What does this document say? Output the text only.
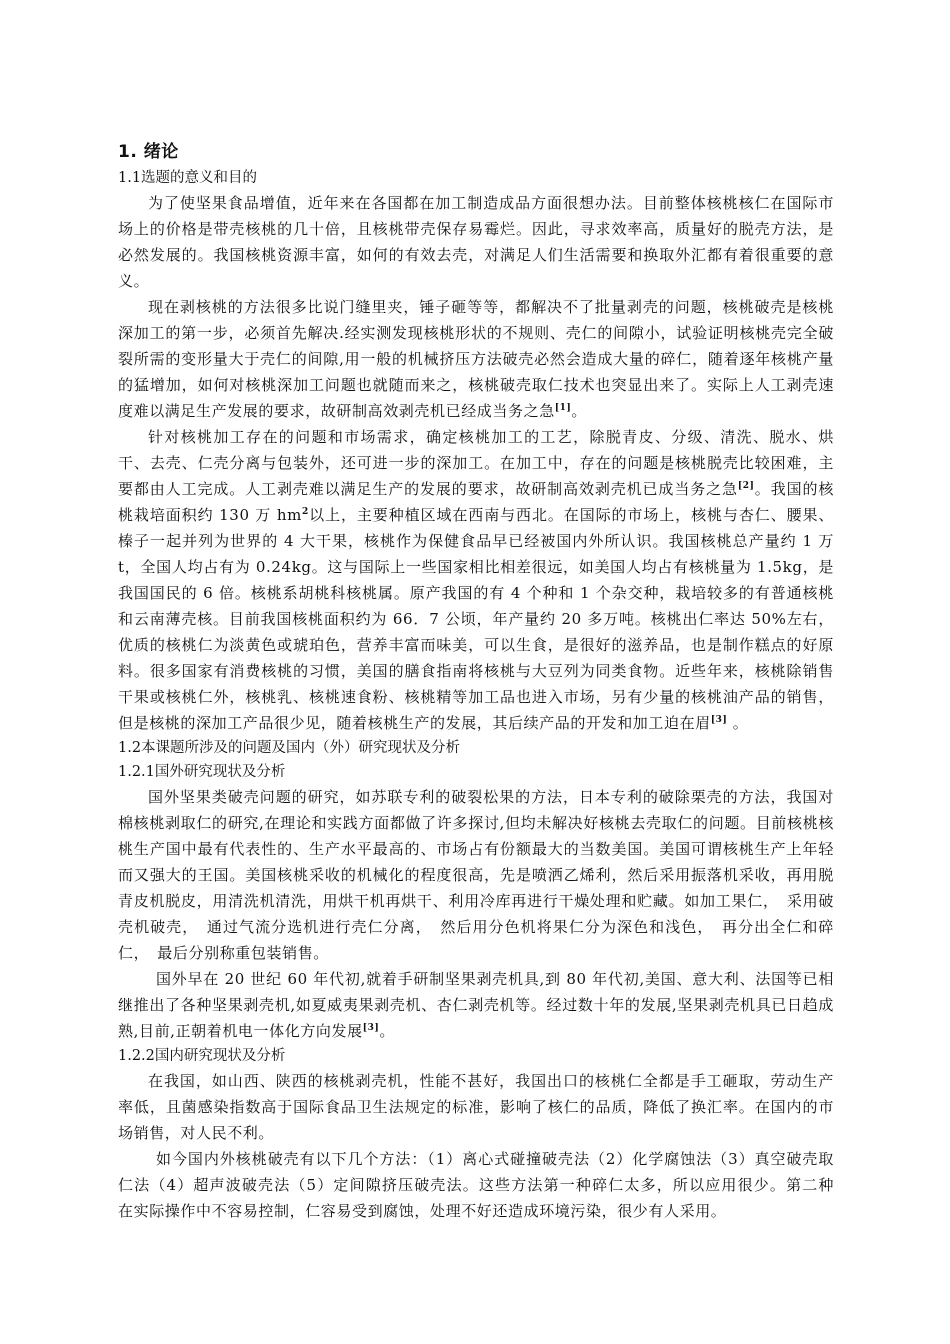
1. 绪论
1.1选题的意义和目的

为了使坚果食品增值，近年来在各国都在加工制造成品方面很想办法。目前整体核桃核仁在国际市场上的价格是带壳核桃的几十倍，且核桃带壳保存易霉烂。因此，寻求效率高，质量好的脱壳方法，是必然发展的。我国核桃资源丰富，如何的有效去壳，对满足人们生活需要和换取外汇都有着很重要的意义。

现在剥核桃的方法很多比说门缝里夹，锤子砸等等，都解决不了批量剥壳的问题，核桃破壳是核桃深加工的第一步，必须首先解决.经实测发现核桃形状的不规则、壳仁的间隙小，试验证明核桃壳完全破裂所需的变形量大于壳仁的间隙,用一般的机械挤压方法破壳必然会造成大量的碎仁，随着逐年核桃产量的猛增加，如何对核桃深加工问题也就随而来之，核桃破壳取仁技术也突显出来了。实际上人工剥壳速度难以满足生产发展的要求，故研制高效剥壳机已经成当务之急[1]。

针对核桃加工存在的问题和市场需求，确定核桃加工的工艺，除脱青皮、分级、清洗、脱水、烘干、去壳、仁壳分离与包装外，还可进一步的深加工。在加工中，存在的问题是核桃脱壳比较困难，主要都由人工完成。人工剥壳难以满足生产的发展的要求，故研制高效剥壳机已成当务之急[2]。我国的核桃栽培面积约 130 万 $hm^2$以上，主要种植区域在西南与西北。在国际的市场上，核桃与杏仁、腰果、榛子一起并列为世界的 4 大干果，核桃作为保健食品早已经被国内外所认识。我国核桃总产量约 1 万 t，全国人均占有为 0.24kg。这与国际上一些国家相比相差很远，如美国人均占有核桃量为 1.5kg，是我国国民的 6 倍。核桃系胡桃科核桃属。原产我国的有 4 个种和 1 个杂交种，栽培较多的有普通核桃和云南薄壳核。目前我国核桃面积约为 66．7 公顷，年产量约 20 多万吨。核桃出仁率达 50%左右，优质的核桃仁为淡黄色或琥珀色，营养丰富而味美，可以生食，是很好的滋养品，也是制作糕点的好原料。很多国家有消费核桃的习惯，美国的膳食指南将核桃与大豆列为同类食物。近些年来，核桃除销售干果或核桃仁外，核桃乳、核桃速食粉、核桃精等加工品也进入市场，另有少量的核桃油产品的销售，但是核桃的深加工产品很少见，随着核桃生产的发展，其后续产品的开发和加工迫在眉[3] 。

1.2本课题所涉及的问题及国内（外）研究现状及分析
1.2.1国外研究现状及分析

国外坚果类破壳问题的研究，如苏联专利的破裂松果的方法，日本专利的破除栗壳的方法，我国对棉核桃剥取仁的研究,在理论和实践方面都做了许多探讨,但均未解决好核桃去壳取仁的问题。目前核桃核桃生产国中最有代表性的、生产水平最高的、市场占有份额最大的当数美国。美国可谓核桃生产上年轻而又强大的王国。美国核桃采收的机械化的程度很高，先是喷洒乙烯利，然后采用振落机采收，再用脱青皮机脱皮，用清洗机清洗，用烘干机再烘干、利用冷库再进行干燥处理和贮藏。如加工果仁，　采用破壳机破壳，　通过气流分选机进行壳仁分离，　然后用分色机将果仁分为深色和浅色，　再分出全仁和碎仁，　最后分别称重包装销售。

国外早在 20 世纪 60 年代初,就着手研制坚果剥壳机具,到 80 年代初,美国、意大利、法国等已相继推出了各种坚果剥壳机,如夏威夷果剥壳机、杏仁剥壳机等。经过数十年的发展,坚果剥壳机具已日趋成熟,目前,正朝着机电一体化方向发展[3]。

1.2.2国内研究现状及分析

在我国，如山西、陕西的核桃剥壳机，性能不甚好，我国出口的核桃仁全都是手工砸取，劳动生产率低，且菌感染指数高于国际食品卫生法规定的标准，影响了核仁的品质，降低了换汇率。在国内的市场销售，对人民不利。

如今国内外核桃破壳有以下几个方法：（1）离心式碰撞破壳法（2）化学腐蚀法（3）真空破壳取仁法（4）超声波破壳法（5）定间隙挤压破壳法。这些方法第一种碎仁太多，所以应用很少。第二种　在实际操作中不容易控制，仁容易受到腐蚀，处理不好还造成环境污染，很少有人采用。
